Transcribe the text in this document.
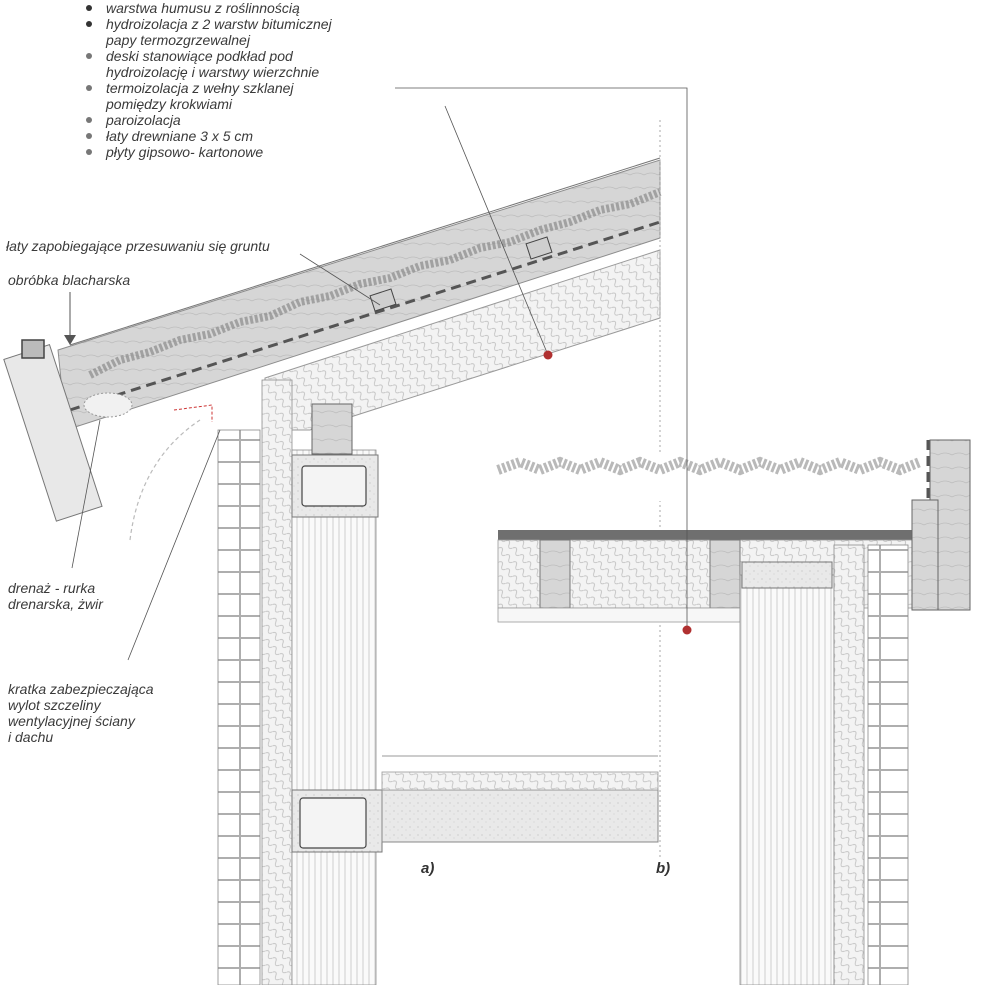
warstwa humusu z roślinnością
hydroizolacja z 2 warstw bitumicznej
papy termozgrzewalnej
deski stanowiące podkład pod
hydroizolację i warstwy wierzchnie
termoizolacja z wełny szklanej
pomiędzy krokwiami
paroizolacja
łaty drewniane 3 x 5 cm
płyty gipsowo- kartonowe
łaty zapobiegające przesuwaniu się gruntu
obróbka blacharska
drenaż - rurka
drenarska, żwir
kratka zabezpieczająca
wylot szczeliny
wentylacyjnej ściany
i dachu
a)	b)
